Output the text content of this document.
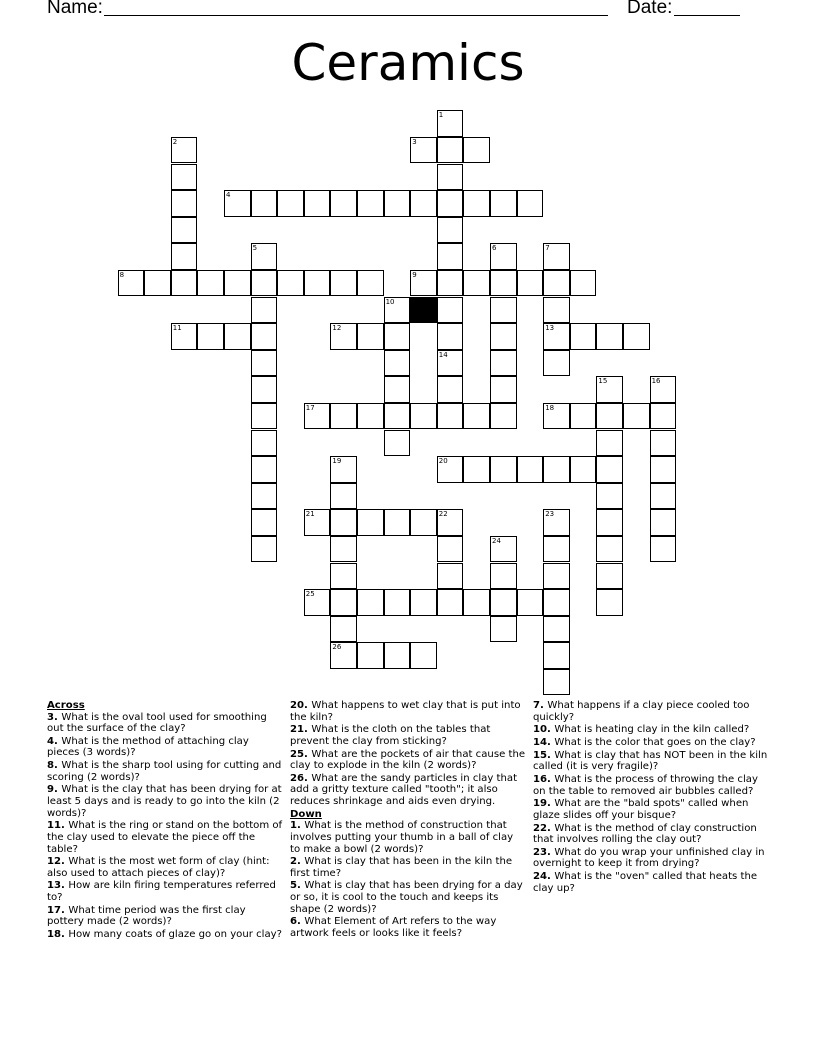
Name:	Date:
Ceramics
1
14
2	3
4
5	6	7
13
8	9
10
11	12
15	16
17	18
19	20
21	22	23
24
25
26
Across
3. What is the oval tool used for smoothing out the surface of the clay?
4. What is the method of attaching clay pieces (3 words)?
8. What is the sharp tool using for cutting and scoring (2 words)?
9. What is the clay that has been drying for at least 5 days and is ready to go into the kiln (2 words)?
11. What is the ring or stand on the bottom of the clay used to elevate the piece off the table?
12. What is the most wet form of clay (hint: also used to attach pieces of clay)?
13. How are kiln firing temperatures referred to?
17. What time period was the first clay pottery made (2 words)?
18. How many coats of glaze go on your clay?
20. What happens to wet clay that is put into the kiln?
21. What is the cloth on the tables that prevent the clay from sticking?
25. What are the pockets of air that cause the clay to explode in the kiln (2 words)?
26. What are the sandy particles in clay that add a gritty texture called "tooth"; it also reduces shrinkage and aids even drying.
Down
1. What is the method of construction that involves putting your thumb in a ball of clay to make a bowl (2 words)?
2. What is clay that has been in the kiln the first time?
5. What is clay that has been drying for a day or so, it is cool to the touch and keeps its shape (2 words)?
6. What Element of Art refers to the way artwork feels or looks like it feels?
7. What happens if a clay piece cooled too quickly?
10. What is heating clay in the kiln called?
14. What is the color that goes on the clay?
15. What is clay that has NOT been in the kiln called (it is very fragile)?
16. What is the process of throwing the clay on the table to removed air bubbles called?
19. What are the "bald spots" called when glaze slides off your bisque?
22. What is the method of clay construction that involves rolling the clay out?
23. What do you wrap your unfinished clay in overnight to keep it from drying?
24. What is the "oven" called that heats the clay up?
